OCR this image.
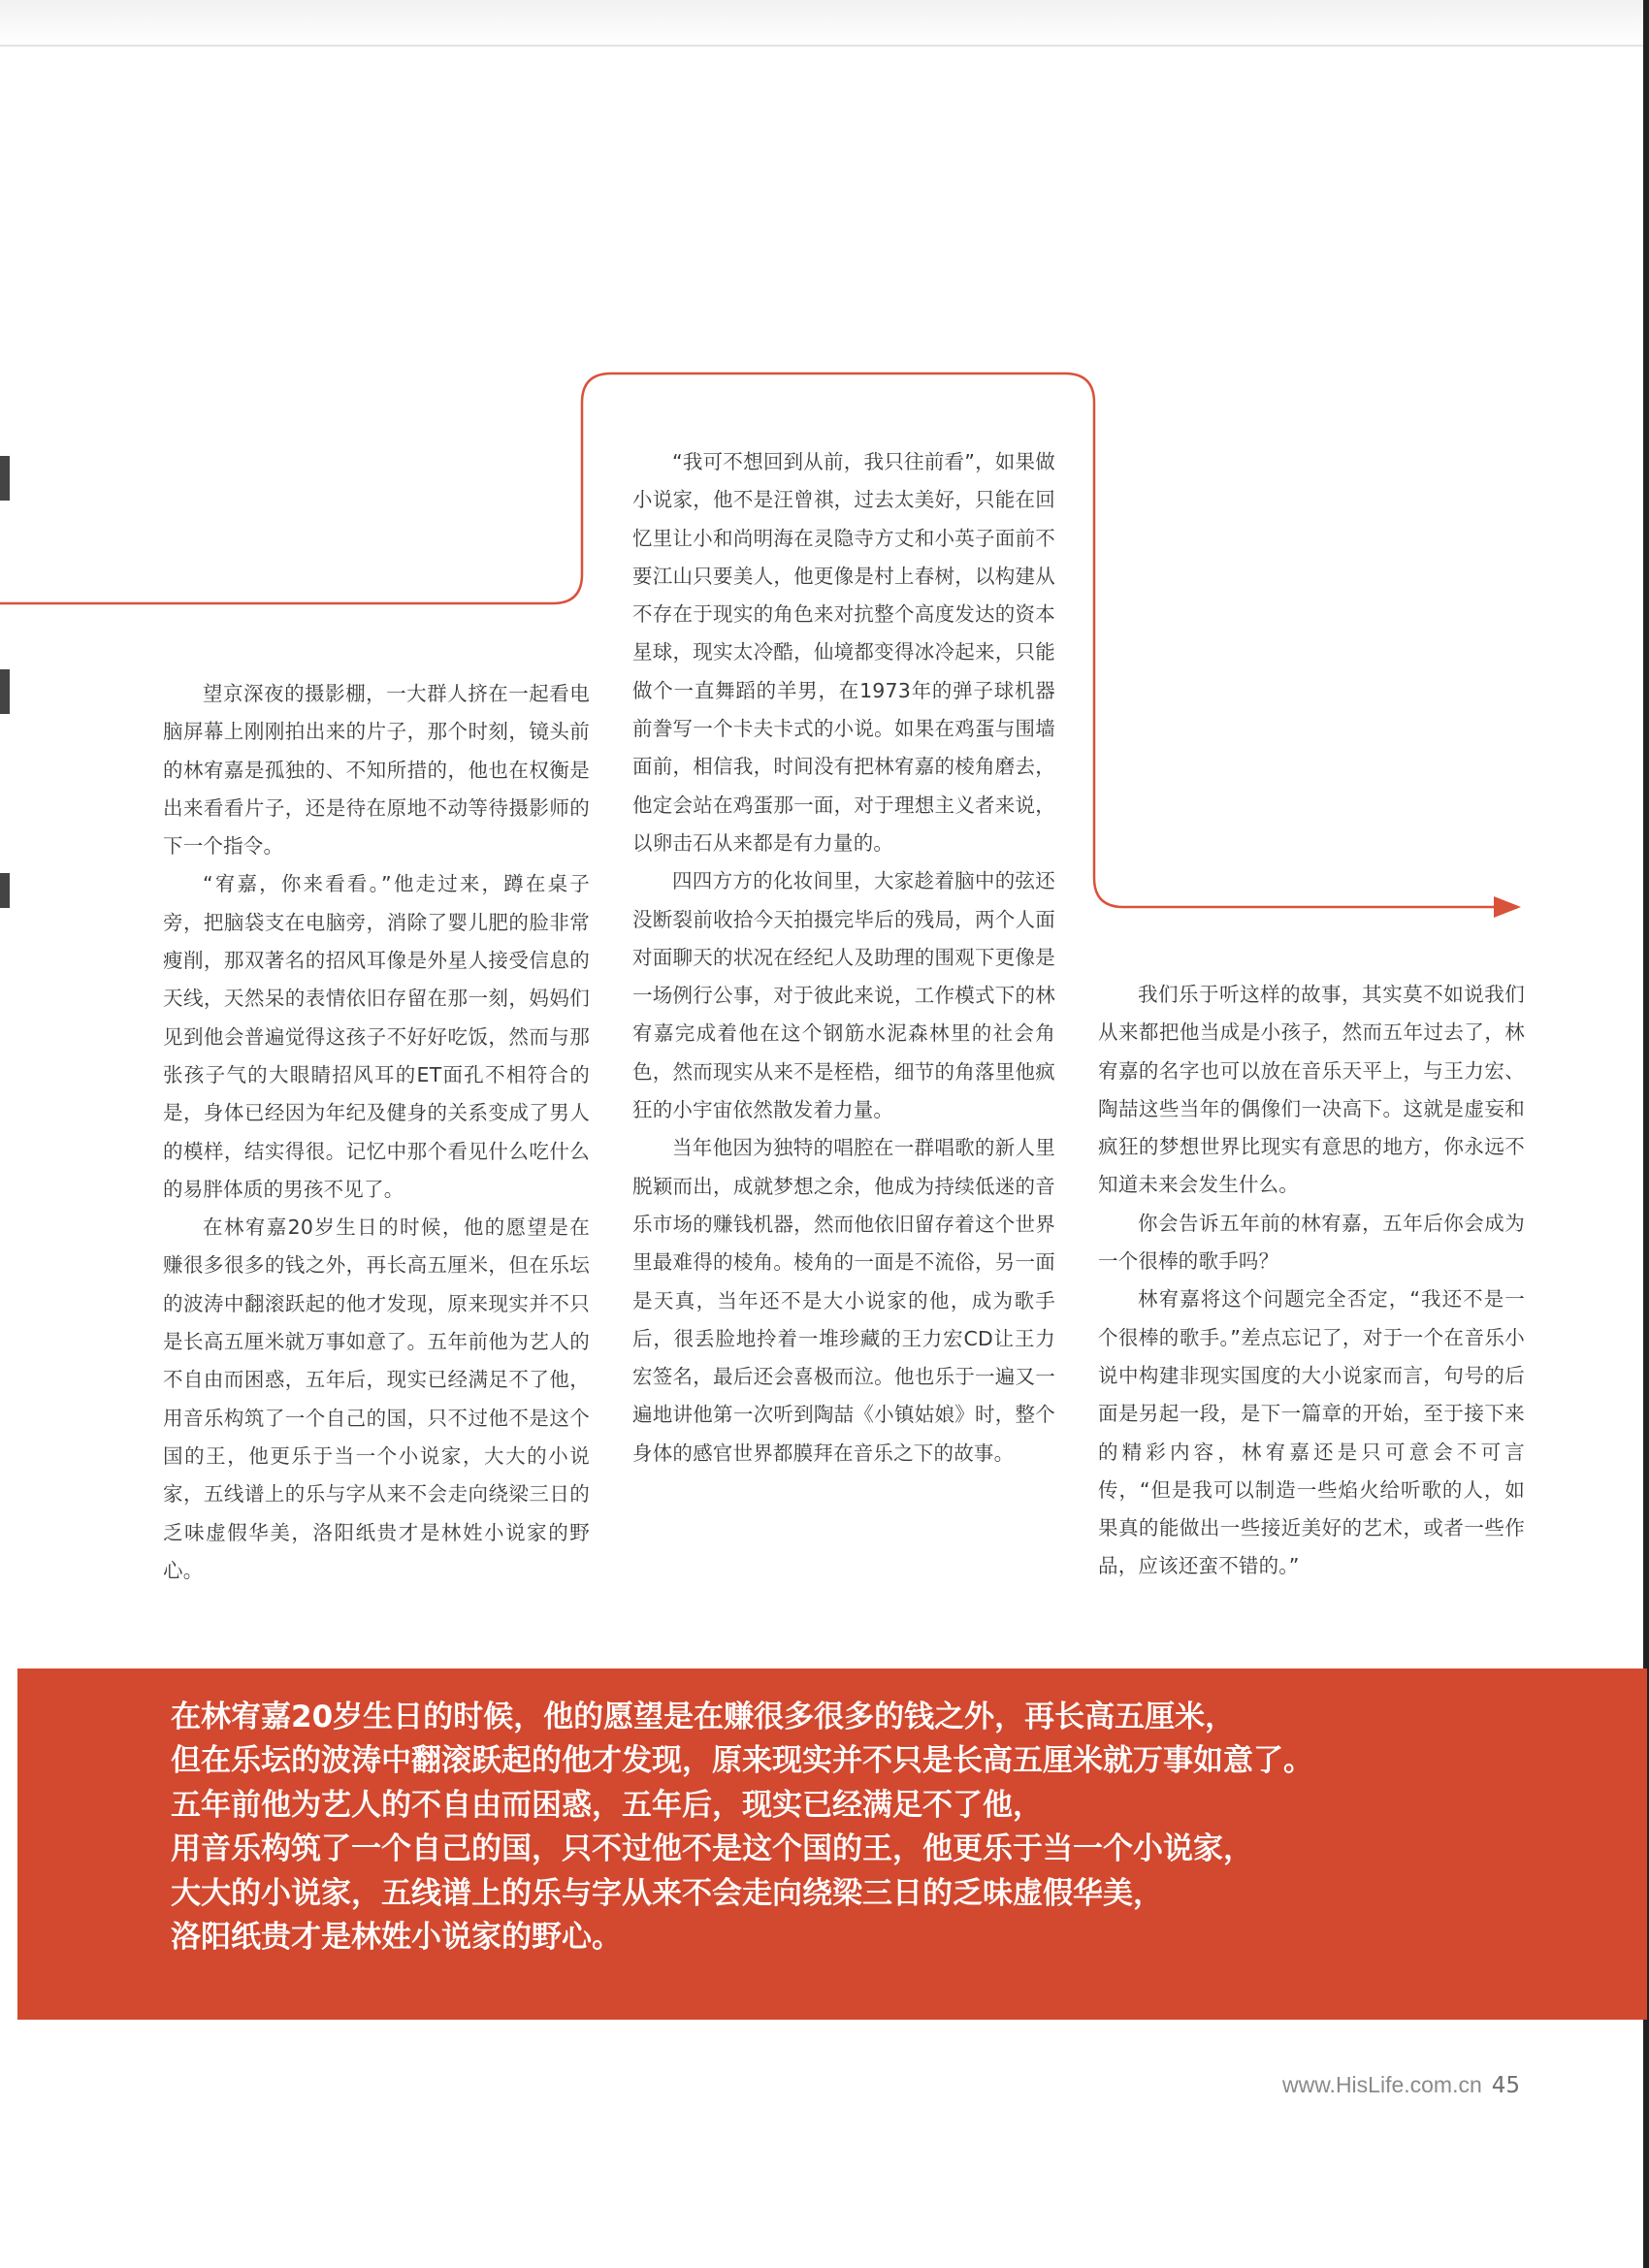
望京深夜的摄影棚，一大群人挤在一起看电脑屏幕上刚刚拍出来的片子，那个时刻，镜头前的林宥嘉是孤独的、不知所措的，他也在权衡是出来看看片子，还是待在原地不动等待摄影师的下一个指令。

“宥嘉，你来看看。”他走过来，蹲在桌子旁，把脑袋支在电脑旁，消除了婴儿肥的脸非常瘦削，那双著名的招风耳像是外星人接受信息的天线，天然呆的表情依旧存留在那一刻，妈妈们见到他会普遍觉得这孩子不好好吃饭，然而与那张孩子气的大眼睛招风耳的ET面孔不相符合的是，身体已经因为年纪及健身的关系变成了男人的模样，结实得很。记忆中那个看见什么吃什么的易胖体质的男孩不见了。

在林宥嘉20岁生日的时候，他的愿望是在赚很多很多的钱之外，再长高五厘米，但在乐坛的波涛中翻滚跃起的他才发现，原来现实并不只是长高五厘米就万事如意了。五年前他为艺人的不自由而困惑，五年后，现实已经满足不了他，用音乐构筑了一个自己的国，只不过他不是这个国的王，他更乐于当一个小说家，大大的小说家，五线谱上的乐与字从来不会走向绕梁三日的乏味虚假华美，洛阳纸贵才是林姓小说家的野心。

“我可不想回到从前，我只往前看”，如果做小说家，他不是汪曾祺，过去太美好，只能在回忆里让小和尚明海在灵隐寺方丈和小英子面前不要江山只要美人，他更像是村上春树，以构建从不存在于现实的角色来对抗整个高度发达的资本星球，现实太冷酷，仙境都变得冰冷起来，只能做个一直舞蹈的羊男，在1973年的弹子球机器前誊写一个卡夫卡式的小说。如果在鸡蛋与围墙面前，相信我，时间没有把林宥嘉的棱角磨去，他定会站在鸡蛋那一面，对于理想主义者来说，以卵击石从来都是有力量的。

四四方方的化妆间里，大家趁着脑中的弦还没断裂前收拾今天拍摄完毕后的残局，两个人面对面聊天的状况在经纪人及助理的围观下更像是一场例行公事，对于彼此来说，工作模式下的林宥嘉完成着他在这个钢筋水泥森林里的社会角色，然而现实从来不是桎梏，细节的角落里他疯狂的小宇宙依然散发着力量。

当年他因为独特的唱腔在一群唱歌的新人里脱颖而出，成就梦想之余，他成为持续低迷的音乐市场的赚钱机器，然而他依旧留存着这个世界里最难得的棱角。棱角的一面是不流俗，另一面是天真，当年还不是大小说家的他，成为歌手后，很丢脸地拎着一堆珍藏的王力宏CD让王力宏签名，最后还会喜极而泣。他也乐于一遍又一遍地讲他第一次听到陶喆《小镇姑娘》时，整个身体的感官世界都膜拜在音乐之下的故事。

我们乐于听这样的故事，其实莫不如说我们从来都把他当成是小孩子，然而五年过去了，林宥嘉的名字也可以放在音乐天平上，与王力宏、陶喆这些当年的偶像们一决高下。这就是虚妄和疯狂的梦想世界比现实有意思的地方，你永远不知道未来会发生什么。

你会告诉五年前的林宥嘉，五年后你会成为一个很棒的歌手吗？

林宥嘉将这个问题完全否定，“我还不是一个很棒的歌手。”差点忘记了，对于一个在音乐小说中构建非现实国度的大小说家而言，句号的后面是另起一段，是下一篇章的开始，至于接下来的精彩内容，林宥嘉还是只可意会不可言传，“但是我可以制造一些焰火给听歌的人，如果真的能做出一些接近美好的艺术，或者一些作品，应该还蛮不错的。”

在林宥嘉20岁生日的时候，他的愿望是在赚很多很多的钱之外，再长高五厘米，
但在乐坛的波涛中翻滚跃起的他才发现，原来现实并不只是长高五厘米就万事如意了。
五年前他为艺人的不自由而困惑，五年后，现实已经满足不了他，
用音乐构筑了一个自己的国，只不过他不是这个国的王，他更乐于当一个小说家，
大大的小说家，五线谱上的乐与字从来不会走向绕梁三日的乏味虚假华美，
洛阳纸贵才是林姓小说家的野心。
www.HisLife.com.cn 45
